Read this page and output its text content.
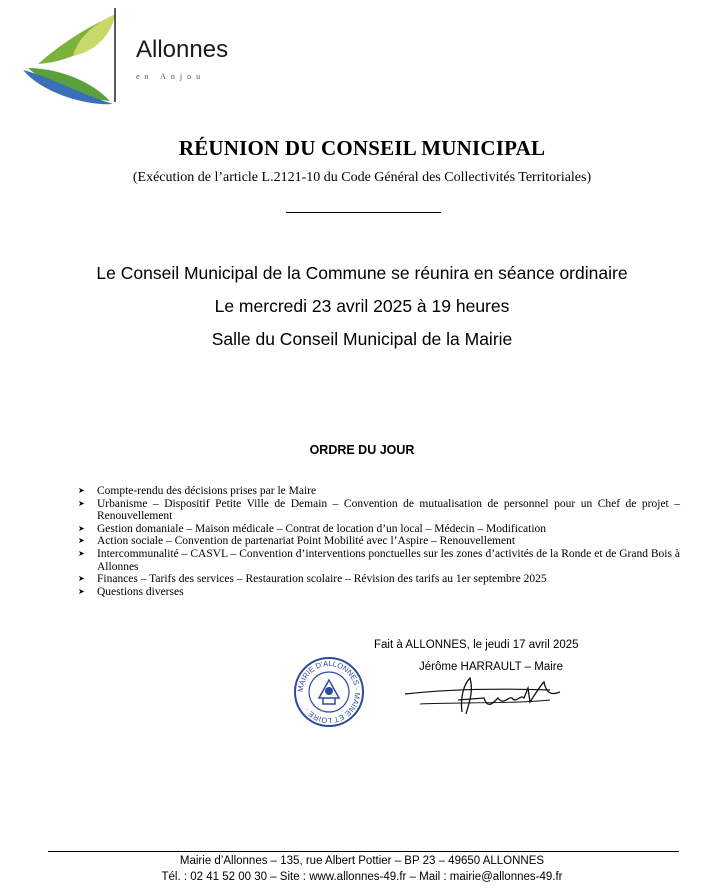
Allonnes
en Anjou
RÉUNION DU CONSEIL MUNICIPAL
(Exécution de l’article L.2121-10 du Code Général des Collectivités Territoriales)
Le Conseil Municipal de la Commune se réunira en séance ordinaire
Le mercredi 23 avril 2025 à 19 heures
Salle du Conseil Municipal de la Mairie
ORDRE DU JOUR
➤ Compte-rendu des décisions prises par le Maire
➤ Urbanisme – Dispositif Petite Ville de Demain – Convention de mutualisation de personnel pour un Chef de projet – Renouvellement
➤ Gestion domaniale – Maison médicale – Contrat de location d’un local – Médecin – Modification
➤ Action sociale – Convention de partenariat Point Mobilité avec l’Aspire – Renouvellement
➤ Intercommunalité – CASVL – Convention d’interventions ponctuelles sur les zones d’activités de la Ronde et de Grand Bois à Allonnes
➤ Finances – Tarifs des services – Restauration scolaire – Révision des tarifs au 1er septembre 2025
➤ Questions diverses
Fait à ALLONNES, le jeudi 17 avril 2025
Jérôme HARRAULT – Maire
MAIRIE D'ALLONNES · MAINE ET LOIRE ·
Mairie d’Allonnes – 135, rue Albert Pottier – BP 23 – 49650 ALLONNES
Tél. : 02 41 52 00 30 – Site : www.allonnes-49.fr – Mail : mairie@allonnes-49.fr
